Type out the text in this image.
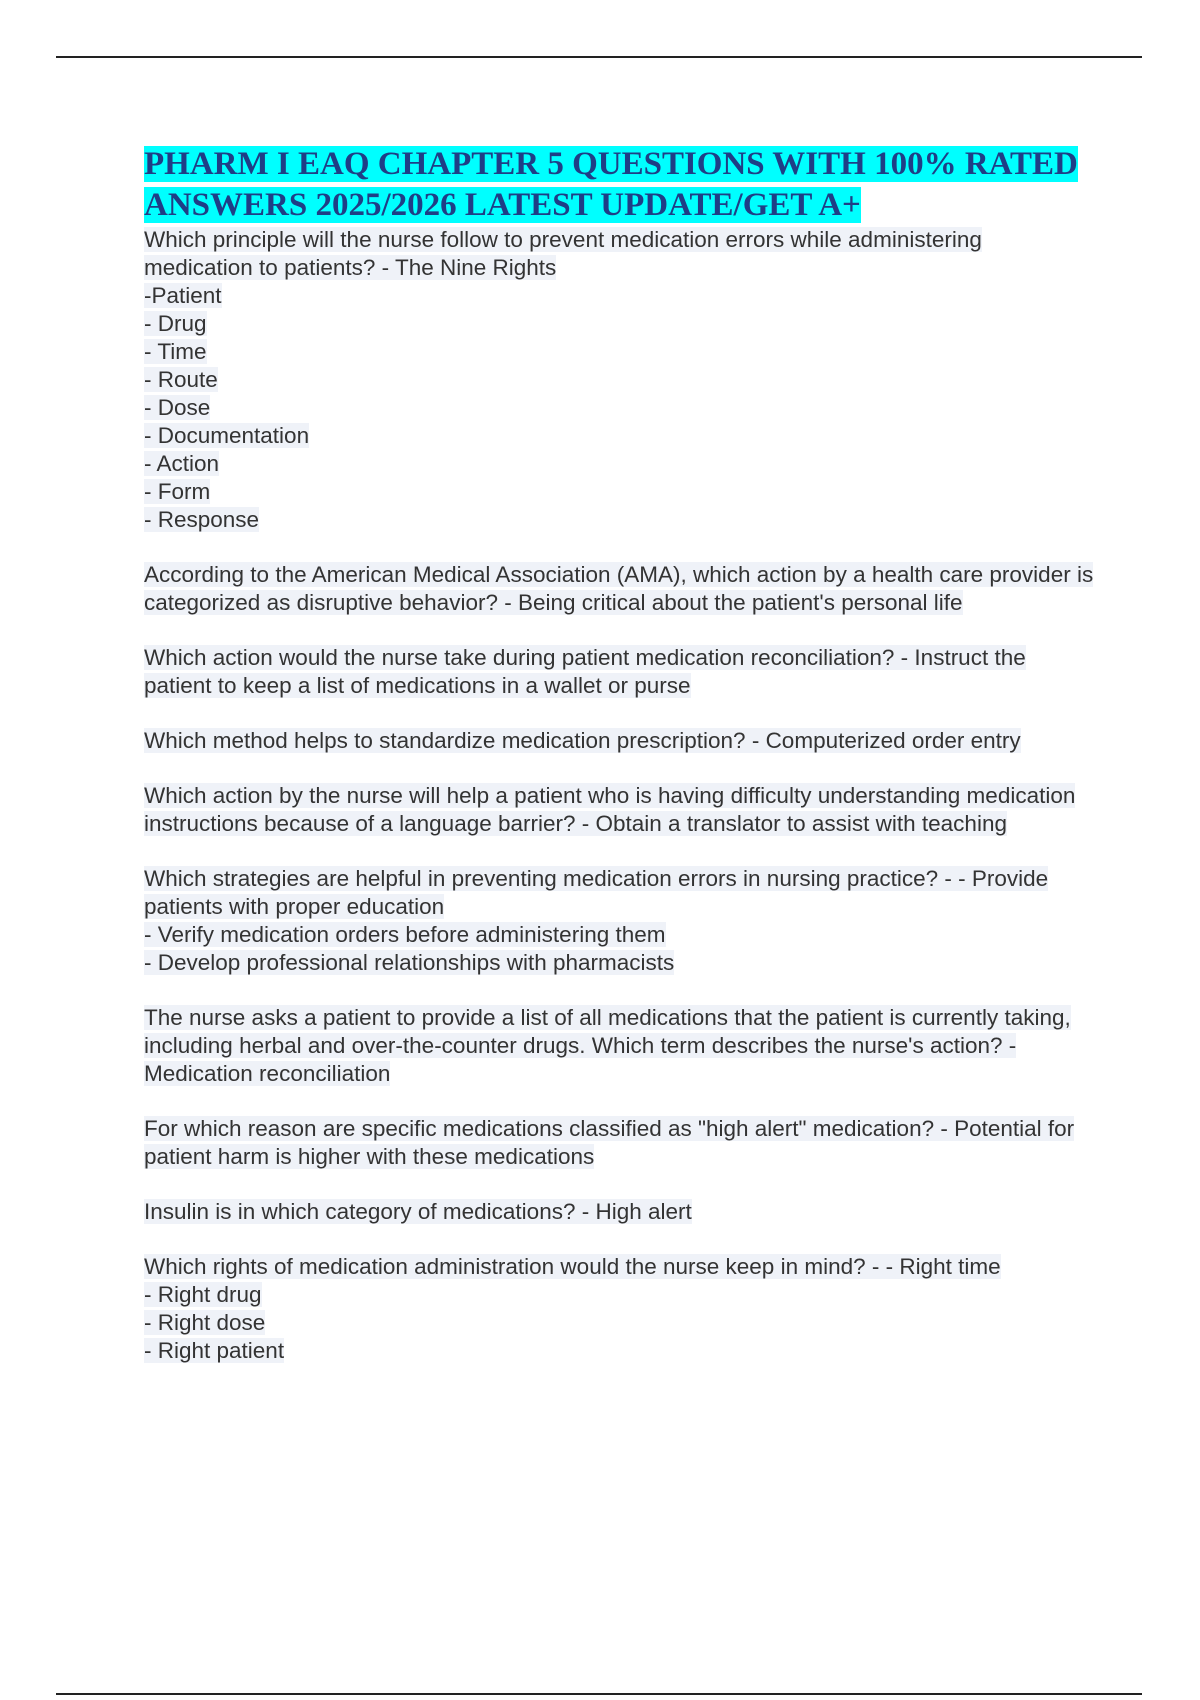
PHARM I EAQ CHAPTER 5 QUESTIONS WITH 100% RATED ANSWERS 2025/2026 LATEST UPDATE/GET A+

Which principle will the nurse follow to prevent medication errors while administering medication to patients? - The Nine Rights
-Patient
- Drug
- Time
- Route
- Dose
- Documentation
- Action
- Form
- Response

According to the American Medical Association (AMA), which action by a health care provider is categorized as disruptive behavior? - Being critical about the patient's personal life

Which action would the nurse take during patient medication reconciliation? - Instruct the patient to keep a list of medications in a wallet or purse

Which method helps to standardize medication prescription? - Computerized order entry

Which action by the nurse will help a patient who is having difficulty understanding medication instructions because of a language barrier? - Obtain a translator to assist with teaching

Which strategies are helpful in preventing medication errors in nursing practice? - - Provide patients with proper education
- Verify medication orders before administering them
- Develop professional relationships with pharmacists

The nurse asks a patient to provide a list of all medications that the patient is currently taking, including herbal and over-the-counter drugs. Which term describes the nurse's action? - Medication reconciliation

For which reason are specific medications classified as "high alert" medication? - Potential for patient harm is higher with these medications

Insulin is in which category of medications? - High alert

Which rights of medication administration would the nurse keep in mind? - - Right time
- Right drug
- Right dose
- Right patient
